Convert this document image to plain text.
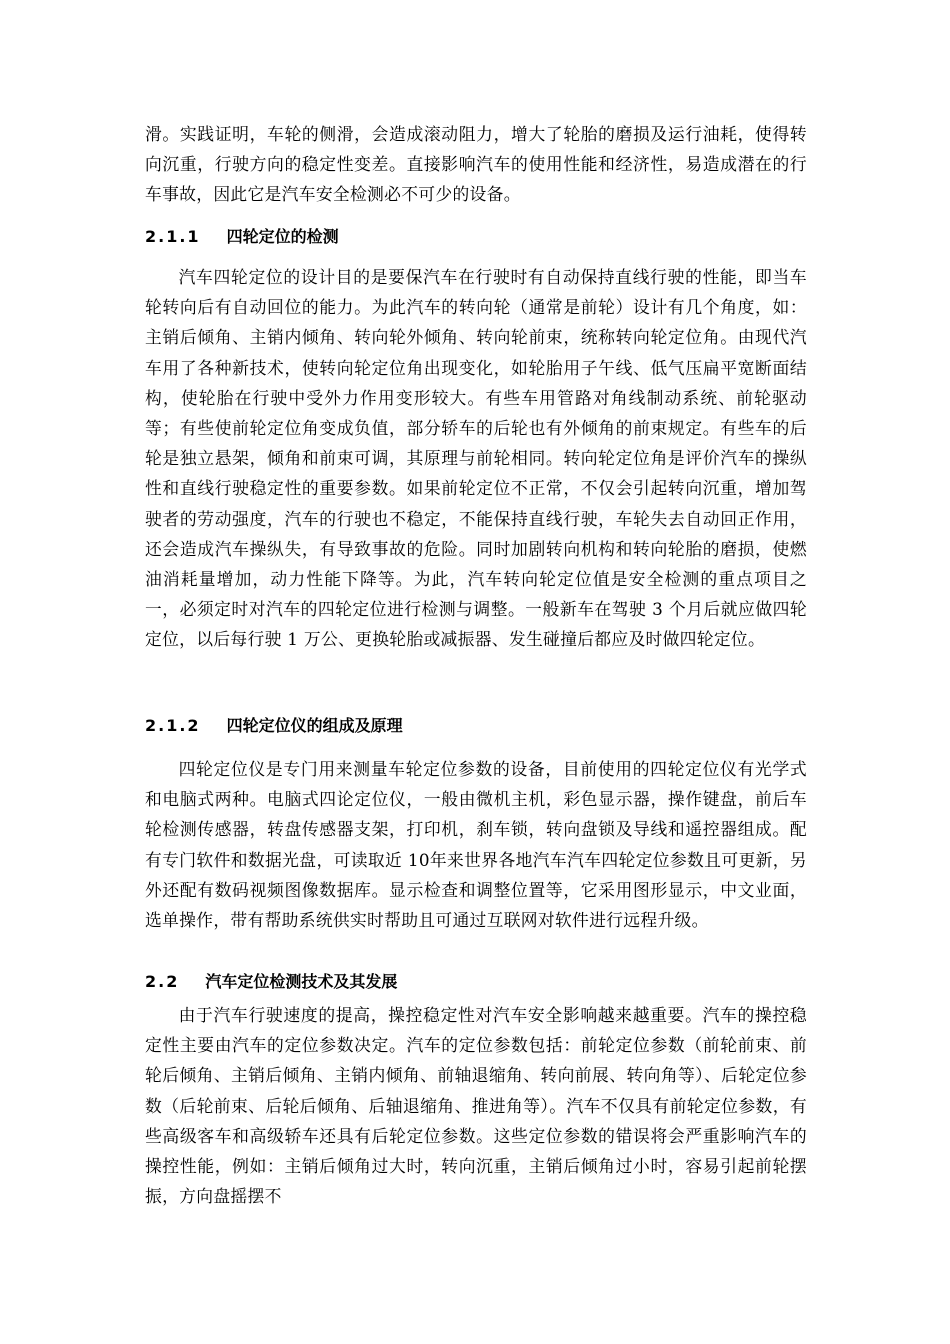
滑。实践证明，车轮的侧滑，会造成滚动阻力，增大了轮胎的磨损及运行油耗，使得转向沉重，行驶方向的稳定性变差。直接影响汽车的使用性能和经济性，易造成潜在的行车事故，因此它是汽车安全检测必不可少的设备。

2.1.1 四轮定位的检测

汽车四轮定位的设计目的是要保汽车在行驶时有自动保持直线行驶的性能，即当车轮转向后有自动回位的能力。为此汽车的转向轮（通常是前轮）设计有几个角度，如：主销后倾角、主销内倾角、转向轮外倾角、转向轮前束，统称转向轮定位角。由现代汽车用了各种新技术，使转向轮定位角出现变化，如轮胎用子午线、低气压扁平宽断面结构，使轮胎在行驶中受外力作用变形较大。有些车用管路对角线制动系统、前轮驱动等；有些使前轮定位角变成负值，部分轿车的后轮也有外倾角的前束规定。有些车的后轮是独立悬架，倾角和前束可调，其原理与前轮相同。转向轮定位角是评价汽车的操纵性和直线行驶稳定性的重要参数。如果前轮定位不正常，不仅会引起转向沉重，增加驾驶者的劳动强度，汽车的行驶也不稳定，不能保持直线行驶，车轮失去自动回正作用，还会造成汽车操纵失，有导致事故的危险。同时加剧转向机构和转向轮胎的磨损，使燃油消耗量增加，动力性能下降等。为此，汽车转向轮定位值是安全检测的重点项目之一，必须定时对汽车的四轮定位进行检测与调整。一般新车在驾驶 3 个月后就应做四轮定位，以后每行驶 1 万公、更换轮胎或减振器、发生碰撞后都应及时做四轮定位。

2.1.2 四轮定位仪的组成及原理

四轮定位仪是专门用来测量车轮定位参数的设备，目前使用的四轮定位仪有光学式和电脑式两种。电脑式四论定位仪，一般由微机主机，彩色显示器，操作键盘，前后车轮检测传感器，转盘传感器支架，打印机，刹车锁，转向盘锁及导线和遥控器组成。配有专门软件和数据光盘，可读取近 10年来世界各地汽车汽车四轮定位参数且可更新，另外还配有数码视频图像数据库。显示检查和调整位置等，它采用图形显示，中文业面，选单操作，带有帮助系统供实时帮助且可通过互联网对软件进行远程升级。

2.2 汽车定位检测技术及其发展

由于汽车行驶速度的提高，操控稳定性对汽车安全影响越来越重要。汽车的操控稳定性主要由汽车的定位参数决定。汽车的定位参数包括：前轮定位参数（前轮前束、前轮后倾角、主销后倾角、主销内倾角、前轴退缩角、转向前展、转向角等）、后轮定位参数（后轮前束、后轮后倾角、后轴退缩角、推进角等）。汽车不仅具有前轮定位参数，有些高级客车和高级轿车还具有后轮定位参数。这些定位参数的错误将会严重影响汽车的操控性能，例如：主销后倾角过大时，转向沉重，主销后倾角过小时，容易引起前轮摆振，方向盘摇摆不
